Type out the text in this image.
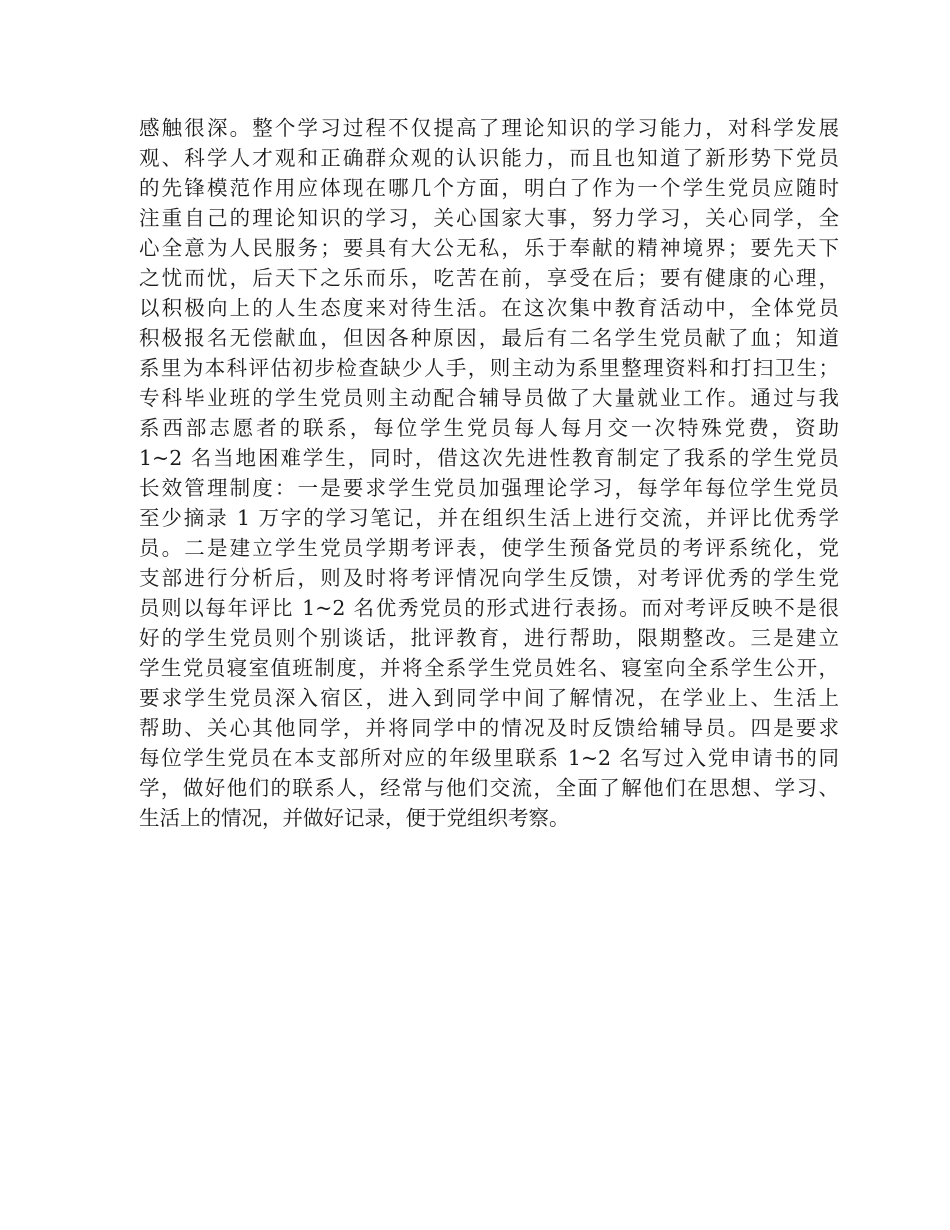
感触很深。整个学习过程不仅提高了理论知识的学习能力，对科学发展
观、科学人才观和正确群众观的认识能力，而且也知道了新形势下党员
的先锋模范作用应体现在哪几个方面，明白了作为一个学生党员应随时
注重自己的理论知识的学习，关心国家大事，努力学习，关心同学，全
心全意为人民服务；要具有大公无私，乐于奉献的精神境界；要先天下
之忧而忧，后天下之乐而乐，吃苦在前，享受在后；要有健康的心理，
以积极向上的人生态度来对待生活。在这次集中教育活动中，全体党员
积极报名无偿献血，但因各种原因，最后有二名学生党员献了血；知道
系里为本科评估初步检查缺少人手，则主动为系里整理资料和打扫卫生；
专科毕业班的学生党员则主动配合辅导员做了大量就业工作。通过与我
系西部志愿者的联系，每位学生党员每人每月交一次特殊党费，资助
1~2 名当地困难学生，同时，借这次先进性教育制定了我系的学生党员
长效管理制度：一是要求学生党员加强理论学习，每学年每位学生党员
至少摘录 1 万字的学习笔记，并在组织生活上进行交流，并评比优秀学
员。二是建立学生党员学期考评表，使学生预备党员的考评系统化，党
支部进行分析后，则及时将考评情况向学生反馈，对考评优秀的学生党
员则以每年评比 1~2 名优秀党员的形式进行表扬。而对考评反映不是很
好的学生党员则个别谈话，批评教育，进行帮助，限期整改。三是建立
学生党员寝室值班制度，并将全系学生党员姓名、寝室向全系学生公开，
要求学生党员深入宿区，进入到同学中间了解情况，在学业上、生活上
帮助、关心其他同学，并将同学中的情况及时反馈给辅导员。四是要求
每位学生党员在本支部所对应的年级里联系 1~2 名写过入党申请书的同
学，做好他们的联系人，经常与他们交流，全面了解他们在思想、学习、
生活上的情况，并做好记录，便于党组织考察。
